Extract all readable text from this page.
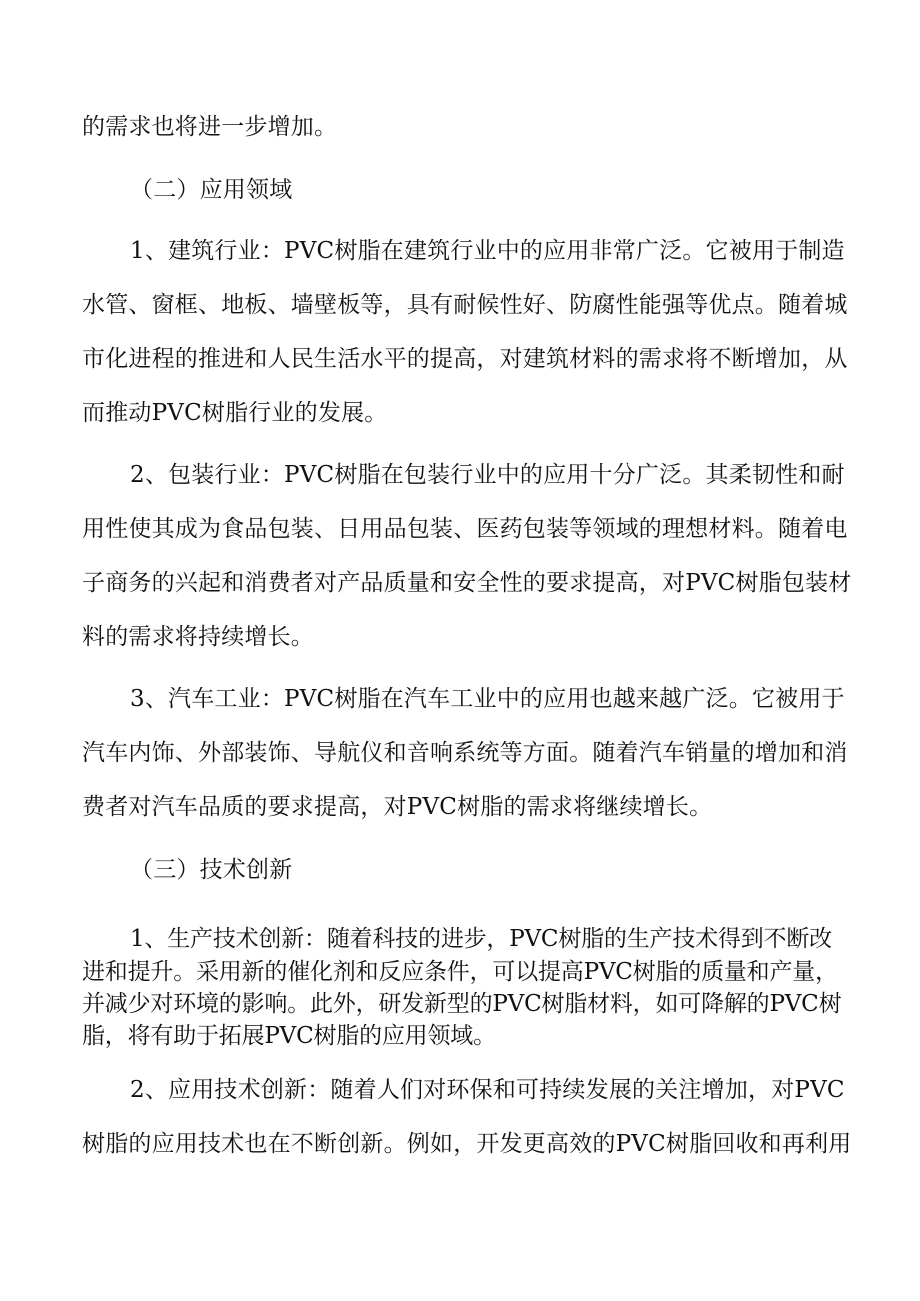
的需求也将进一步增加。
（二）应用领域
1、建筑行业：PVC树脂在建筑行业中的应用非常广泛。它被用于制造
水管、窗框、地板、墙壁板等，具有耐候性好、防腐性能强等优点。随着城
市化进程的推进和人民生活水平的提高，对建筑材料的需求将不断增加，从
而推动PVC树脂行业的发展。
2、包装行业：PVC树脂在包装行业中的应用十分广泛。其柔韧性和耐
用性使其成为食品包装、日用品包装、医药包装等领域的理想材料。随着电
子商务的兴起和消费者对产品质量和安全性的要求提高，对PVC树脂包装材
料的需求将持续增长。
3、汽车工业：PVC树脂在汽车工业中的应用也越来越广泛。它被用于
汽车内饰、外部装饰、导航仪和音响系统等方面。随着汽车销量的增加和消
费者对汽车品质的要求提高，对PVC树脂的需求将继续增长。
（三）技术创新
1、生产技术创新：随着科技的进步，PVC树脂的生产技术得到不断改
进和提升。采用新的催化剂和反应条件，可以提高PVC树脂的质量和产量，
并减少对环境的影响。此外，研发新型的PVC树脂材料，如可降解的PVC树
脂，将有助于拓展PVC树脂的应用领域。
2、应用技术创新：随着人们对环保和可持续发展的关注增加，对PVC
树脂的应用技术也在不断创新。例如，开发更高效的PVC树脂回收和再利用
